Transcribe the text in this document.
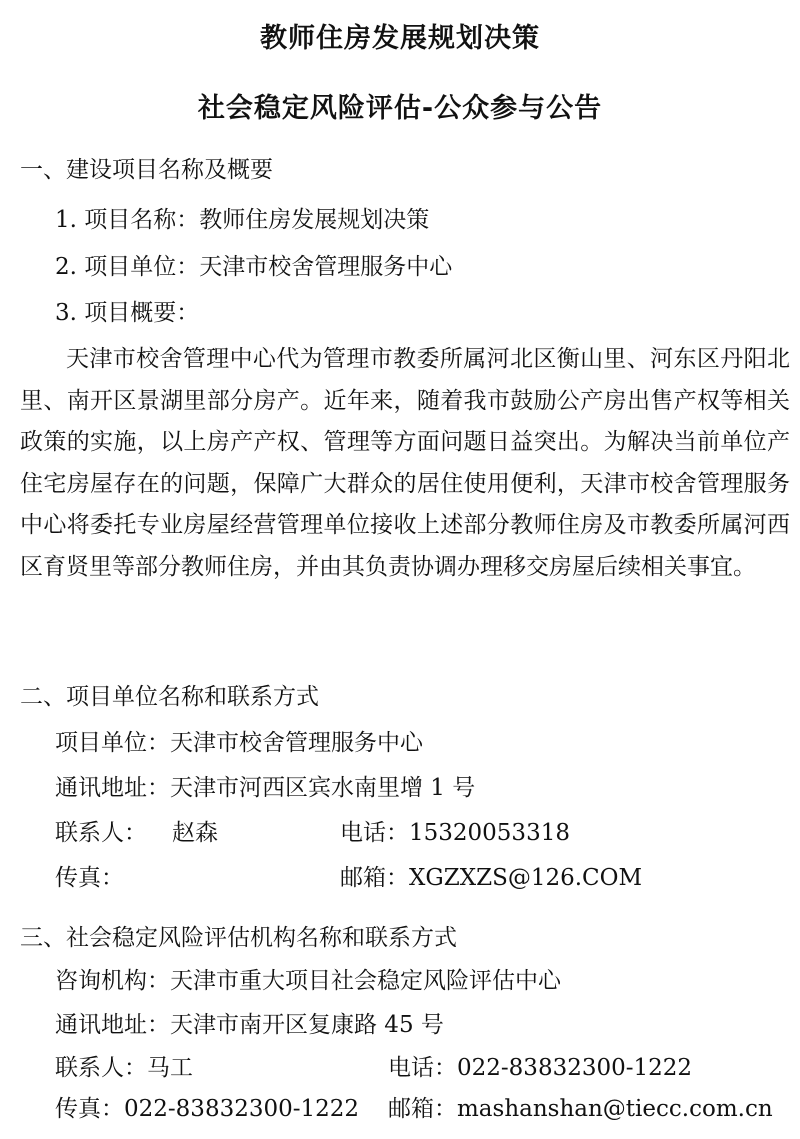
教师住房发展规划决策
社会稳定风险评估-公众参与公告
一、建设项目名称及概要
1. 项目名称：教师住房发展规划决策
2. 项目单位：天津市校舍管理服务中心
3. 项目概要：
天津市校舍管理中心代为管理市教委所属河北区衡山里、河东区丹阳北里、南开区景湖里部分房产。近年来，随着我市鼓励公产房出售产权等相关政策的实施，以上房产产权、管理等方面问题日益突出。为解决当前单位产住宅房屋存在的问题，保障广大群众的居住使用便利，天津市校舍管理服务中心将委托专业房屋经营管理单位接收上述部分教师住房及市教委所属河西区育贤里等部分教师住房，并由其负责协调办理移交房屋后续相关事宜。
二、项目单位名称和联系方式
项目单位：天津市校舍管理服务中心
通讯地址：天津市河西区宾水南里增 1 号
联系人： 赵森	电话：15320053318
传真：	邮箱：XGZXZS@126.COM
三、社会稳定风险评估机构名称和联系方式
咨询机构：天津市重大项目社会稳定风险评估中心
通讯地址：天津市南开区复康路 45 号
联系人：马工	电话：022-83832300-1222
传真：022-83832300-1222 邮箱：mashanshan@tiecc.com.cn
